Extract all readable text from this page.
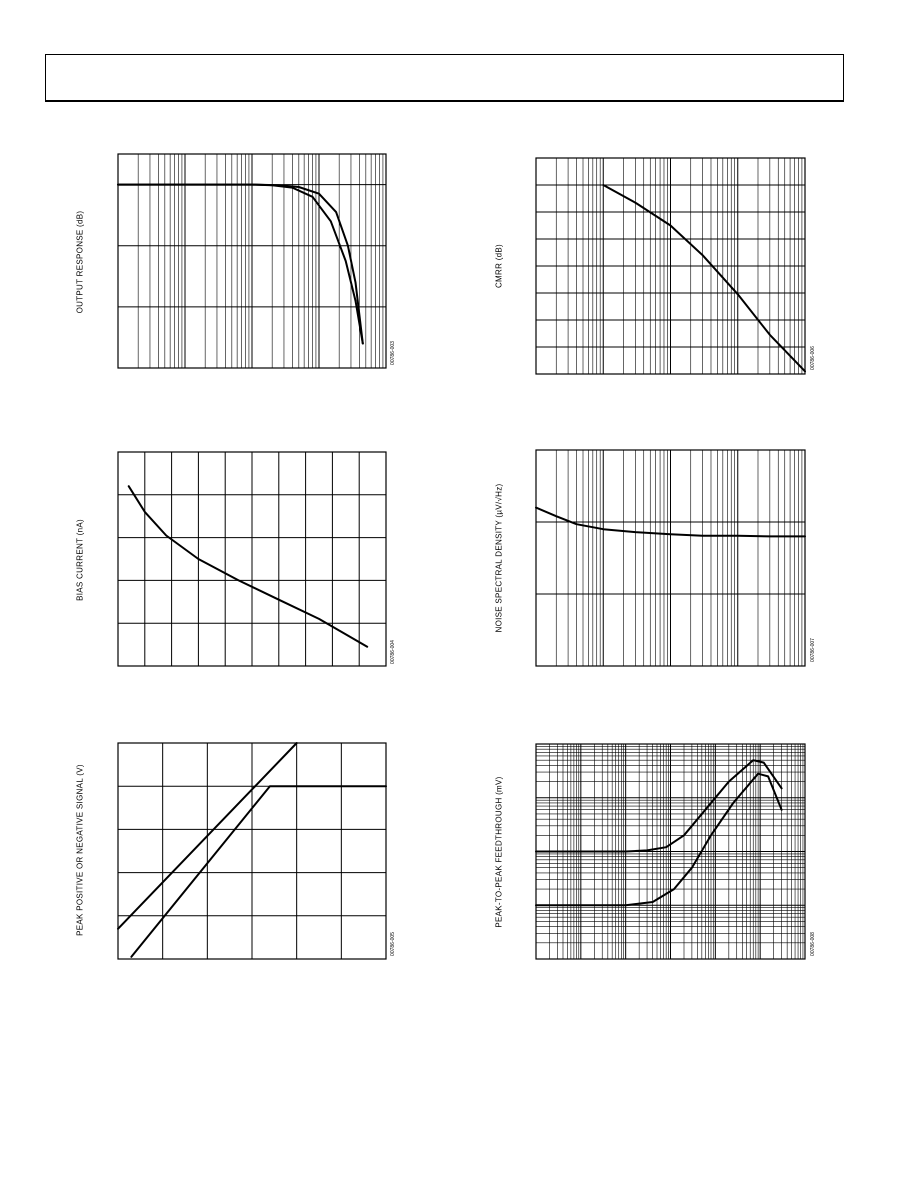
OUTPUT RESPONSE (dB)
00786-003
CMRR (dB)
00786-006
BIAS CURRENT (nA)
00786-004
NOISE SPECTRAL DENSITY (µV/√Hz)
00786-007
PEAK POSITIVE OR NEGATIVE SIGNAL (V)
00786-005
PEAK-TO-PEAK FEEDTHROUGH (mV)
00786-008
